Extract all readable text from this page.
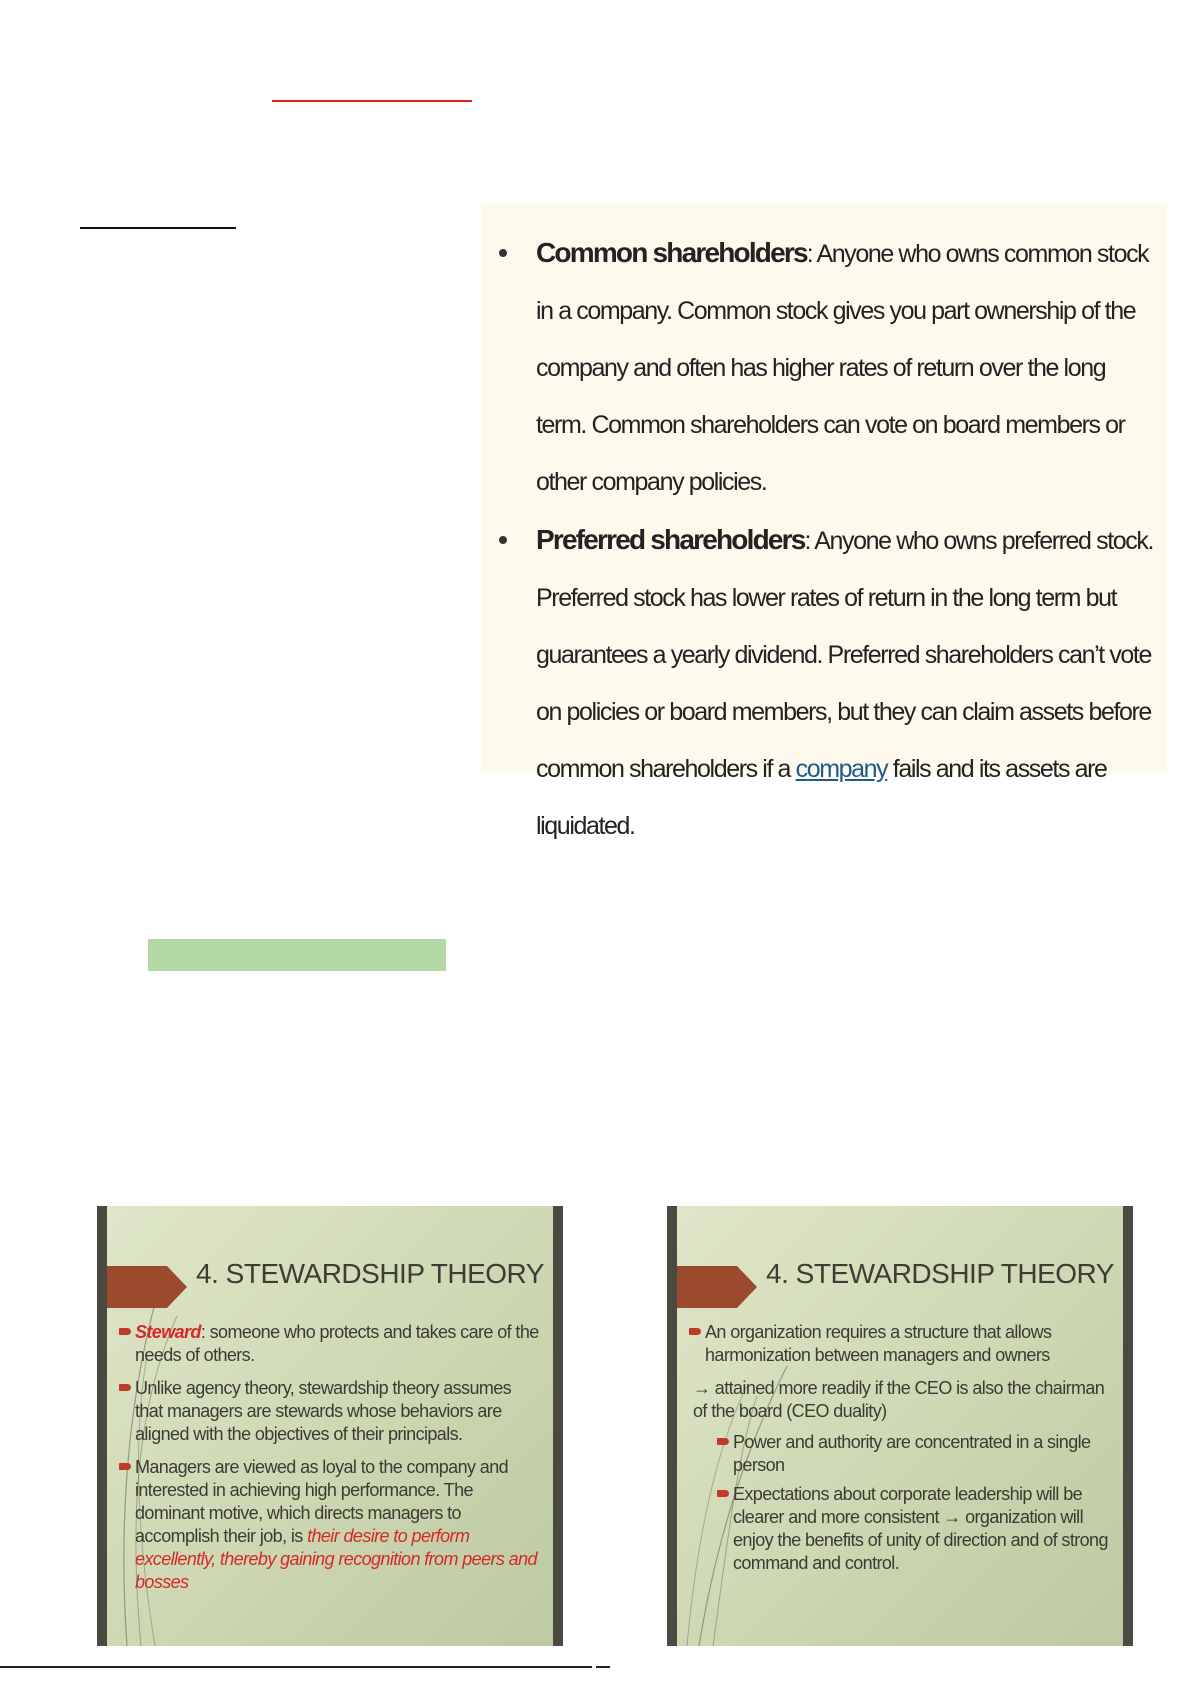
Common shareholders: Anyone who owns common stock in a company. Common stock gives you part ownership of the company and often has higher rates of return over the long term. Common shareholders can vote on board members or other company policies.
Preferred shareholders: Anyone who owns preferred stock. Preferred stock has lower rates of return in the long term but guarantees a yearly dividend. Preferred shareholders can’t vote on policies or board members, but they can claim assets before common shareholders if a company fails and its assets are liquidated.
4. STEWARDSHIP THEORY

Steward: someone who protects and takes care of the needs of others.

Unlike agency theory, stewardship theory assumes that managers are stewards whose behaviors are aligned with the objectives of their principals.

Managers are viewed as loyal to the company and interested in achieving high performance. The dominant motive, which directs managers to accomplish their job, is their desire to perform excellently, thereby gaining recognition from peers and bosses

4. STEWARDSHIP THEORY

An organization requires a structure that allows harmonization between managers and owners

→ attained more readily if the CEO is also the chairman of the board (CEO duality)

Power and authority are concentrated in a single person

Expectations about corporate leadership will be clearer and more consistent → organization will enjoy the benefits of unity of direction and of strong command and control.
